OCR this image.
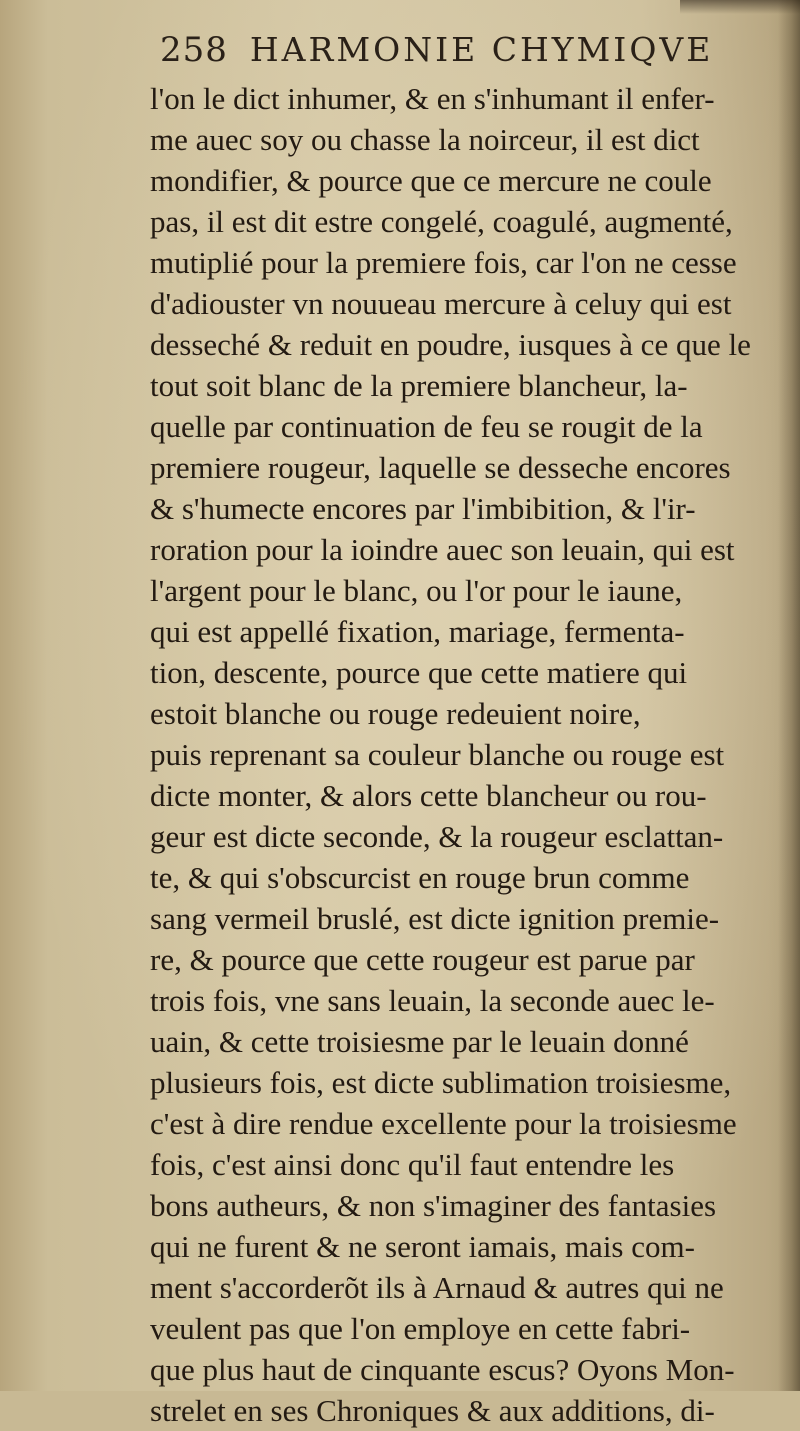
258 HARMONIE CHYMIQVE
l'on le dict inhumer, & en s'inhumant il enfer-
me auec soy ou chasse la noirceur, il est dict
mondifier, & pource que ce mercure ne coule
pas, il est dit estre congelé, coagulé, augmenté,
mutiplié pour la premiere fois, car l'on ne cesse
d'adiouster vn nouueau mercure à celuy qui est
desseché & reduit en poudre, iusques à ce que le
tout soit blanc de la premiere blancheur, la-
quelle par continuation de feu se rougit de la
premiere rougeur, laquelle se desseche encores
& s'humecte encores par l'imbibition, & l'ir-
roration pour la ioindre auec son leuain, qui est
l'argent pour le blanc, ou l'or pour le iaune,
qui est appellé fixation, mariage, fermenta-
tion, descente, pource que cette matiere qui
estoit blanche ou rouge redeuient noire,
puis reprenant sa couleur blanche ou rouge est
dicte monter, & alors cette blancheur ou rou-
geur est dicte seconde, & la rougeur esclattan-
te, & qui s'obscurcist en rouge brun comme
sang vermeil bruslé, est dicte ignition premie-
re, & pource que cette rougeur est parue par
trois fois, vne sans leuain, la seconde auec le-
uain, & cette troisiesme par le leuain donné
plusieurs fois, est dicte sublimation troisiesme,
c'est à dire rendue excellente pour la troisiesme
fois, c'est ainsi donc qu'il faut entendre les
bons autheurs, & non s'imaginer des fantasies
qui ne furent & ne seront iamais, mais com-
ment s'accorderõt ils à Arnaud & autres qui ne
veulent pas que l'on employe en cette fabri-
que plus haut de cinquante escus? Oyons Mon-
strelet en ses Chroniques & aux additions, di-
